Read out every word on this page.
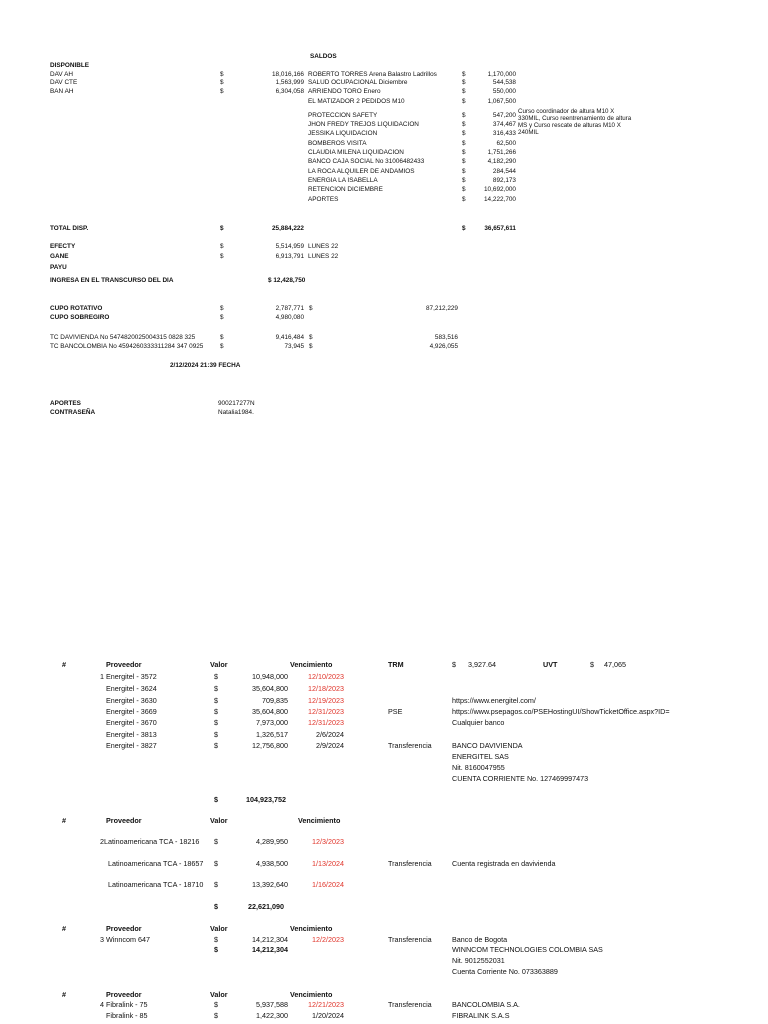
SALDOS
DISPONIBLE
DAV AH	$	18,016,166
DAV CTE	$	1,563,999
BAN AH	$	6,304,058
ROBERTO TORRES Arena Balastro Ladrillos	$	1,170,000
SALUD OCUPACIONAL Diciembre	$	544,538
ARRIENDO TORO Enero	$	550,000
EL MATIZADOR 2 PEDIDOS M10	$	1,067,500
PROTECCION SAFETY	$	547,200
JHON FREDY TREJOS LIQUIDACION	$	374,467
JESSIKA LIQUIDACION	$	316,433
BOMBEROS VISITA	$	62,500
CLAUDIA MILENA LIQUIDACION	$	1,751,266
BANCO CAJA SOCIAL No 31006482433	$	4,182,290
LA ROCA ALQUILER DE ANDAMIOS	$	284,544
ENERGIA LA ISABELLA	$	892,173
RETENCION DICIEMBRE	$	10,692,000
APORTES	$	14,222,700
Curso coordinador de altura M10 X
330MIL, Curso reentrenamiento de altura
MS y Curso rescate de alturas M10 X
240MIL
TOTAL DISP.	$	25,884,222	$	36,657,611
EFECTY	$	5,514,959 LUNES 22
GANE	$	6,913,791 LUNES 22
PAYU
INGRESA EN EL TRANSCURSO DEL DIA	$ 12,428,750
CUPO ROTATIVO	$	2,787,771 $	87,212,229
CUPO SOBREGIRO	$	4,980,080
TC DAVIVIENDA No 5474820025004315 0828 325	$	9,416,484 $	583,516
TC BANCOLOMBIA No 4594260333311284 347 0925	$	73,945 $	4,926,055
2/12/2024 21:39 FECHA
APORTES	900217277N
CONTRASEÑA	Natalia1984.
#	Proveedor	Valor	Vencimiento	TRM	$ 3,927.64	UVT	$ 47,065
1 Energitel - 3572	$	10,948,000	12/10/2023
Energitel - 3624	$	35,604,800	12/18/2023
Energitel - 3630	$	709,835	12/19/2023
Energitel - 3669	$	35,604,800	12/31/2023
Energitel - 3670	$	7,973,000	12/31/2023
Energitel - 3813	$	1,326,517	2/6/2024
Energitel - 3827	$	12,756,800	2/9/2024
https://www.energitel.com/
PSE	https://www.psepagos.co/PSEHostingUI/ShowTicketOffice.aspx?ID=
Cualquier banco
Transferencia	BANCO DAVIVIENDA
ENERGITEL SAS
Nit. 8160047955
CUENTA CORRIENTE No. 127469997473
$	104,923,752
#	Proveedor	Valor	Vencimiento
2 Latinoamericana TCA - 18216 $	4,289,950	12/3/2023
Latinoamericana TCA - 18657 $	4,938,500	1/13/2024
Latinoamericana TCA - 18710 $	13,392,640	1/16/2024
Transferencia	Cuenta registrada en davivienda
$	22,621,090
#	Proveedor	Valor	Vencimiento
3 Winncom 647	$	14,212,304	12/2/2023
$	14,212,304
Transferencia	Banco de Bogota
WINNCOM TECHNOLOGIES COLOMBIA SAS
Nit. 9012552031
Cuenta Corriente No. 073363889
#	Proveedor	Valor	Vencimiento
4 Fibralink - 75	$	5,937,588	12/21/2023
Fibralink - 85	$	1,422,300	1/20/2024
Transferencia	BANCOLOMBIA S.A.
FIBRALINK S.A.S
